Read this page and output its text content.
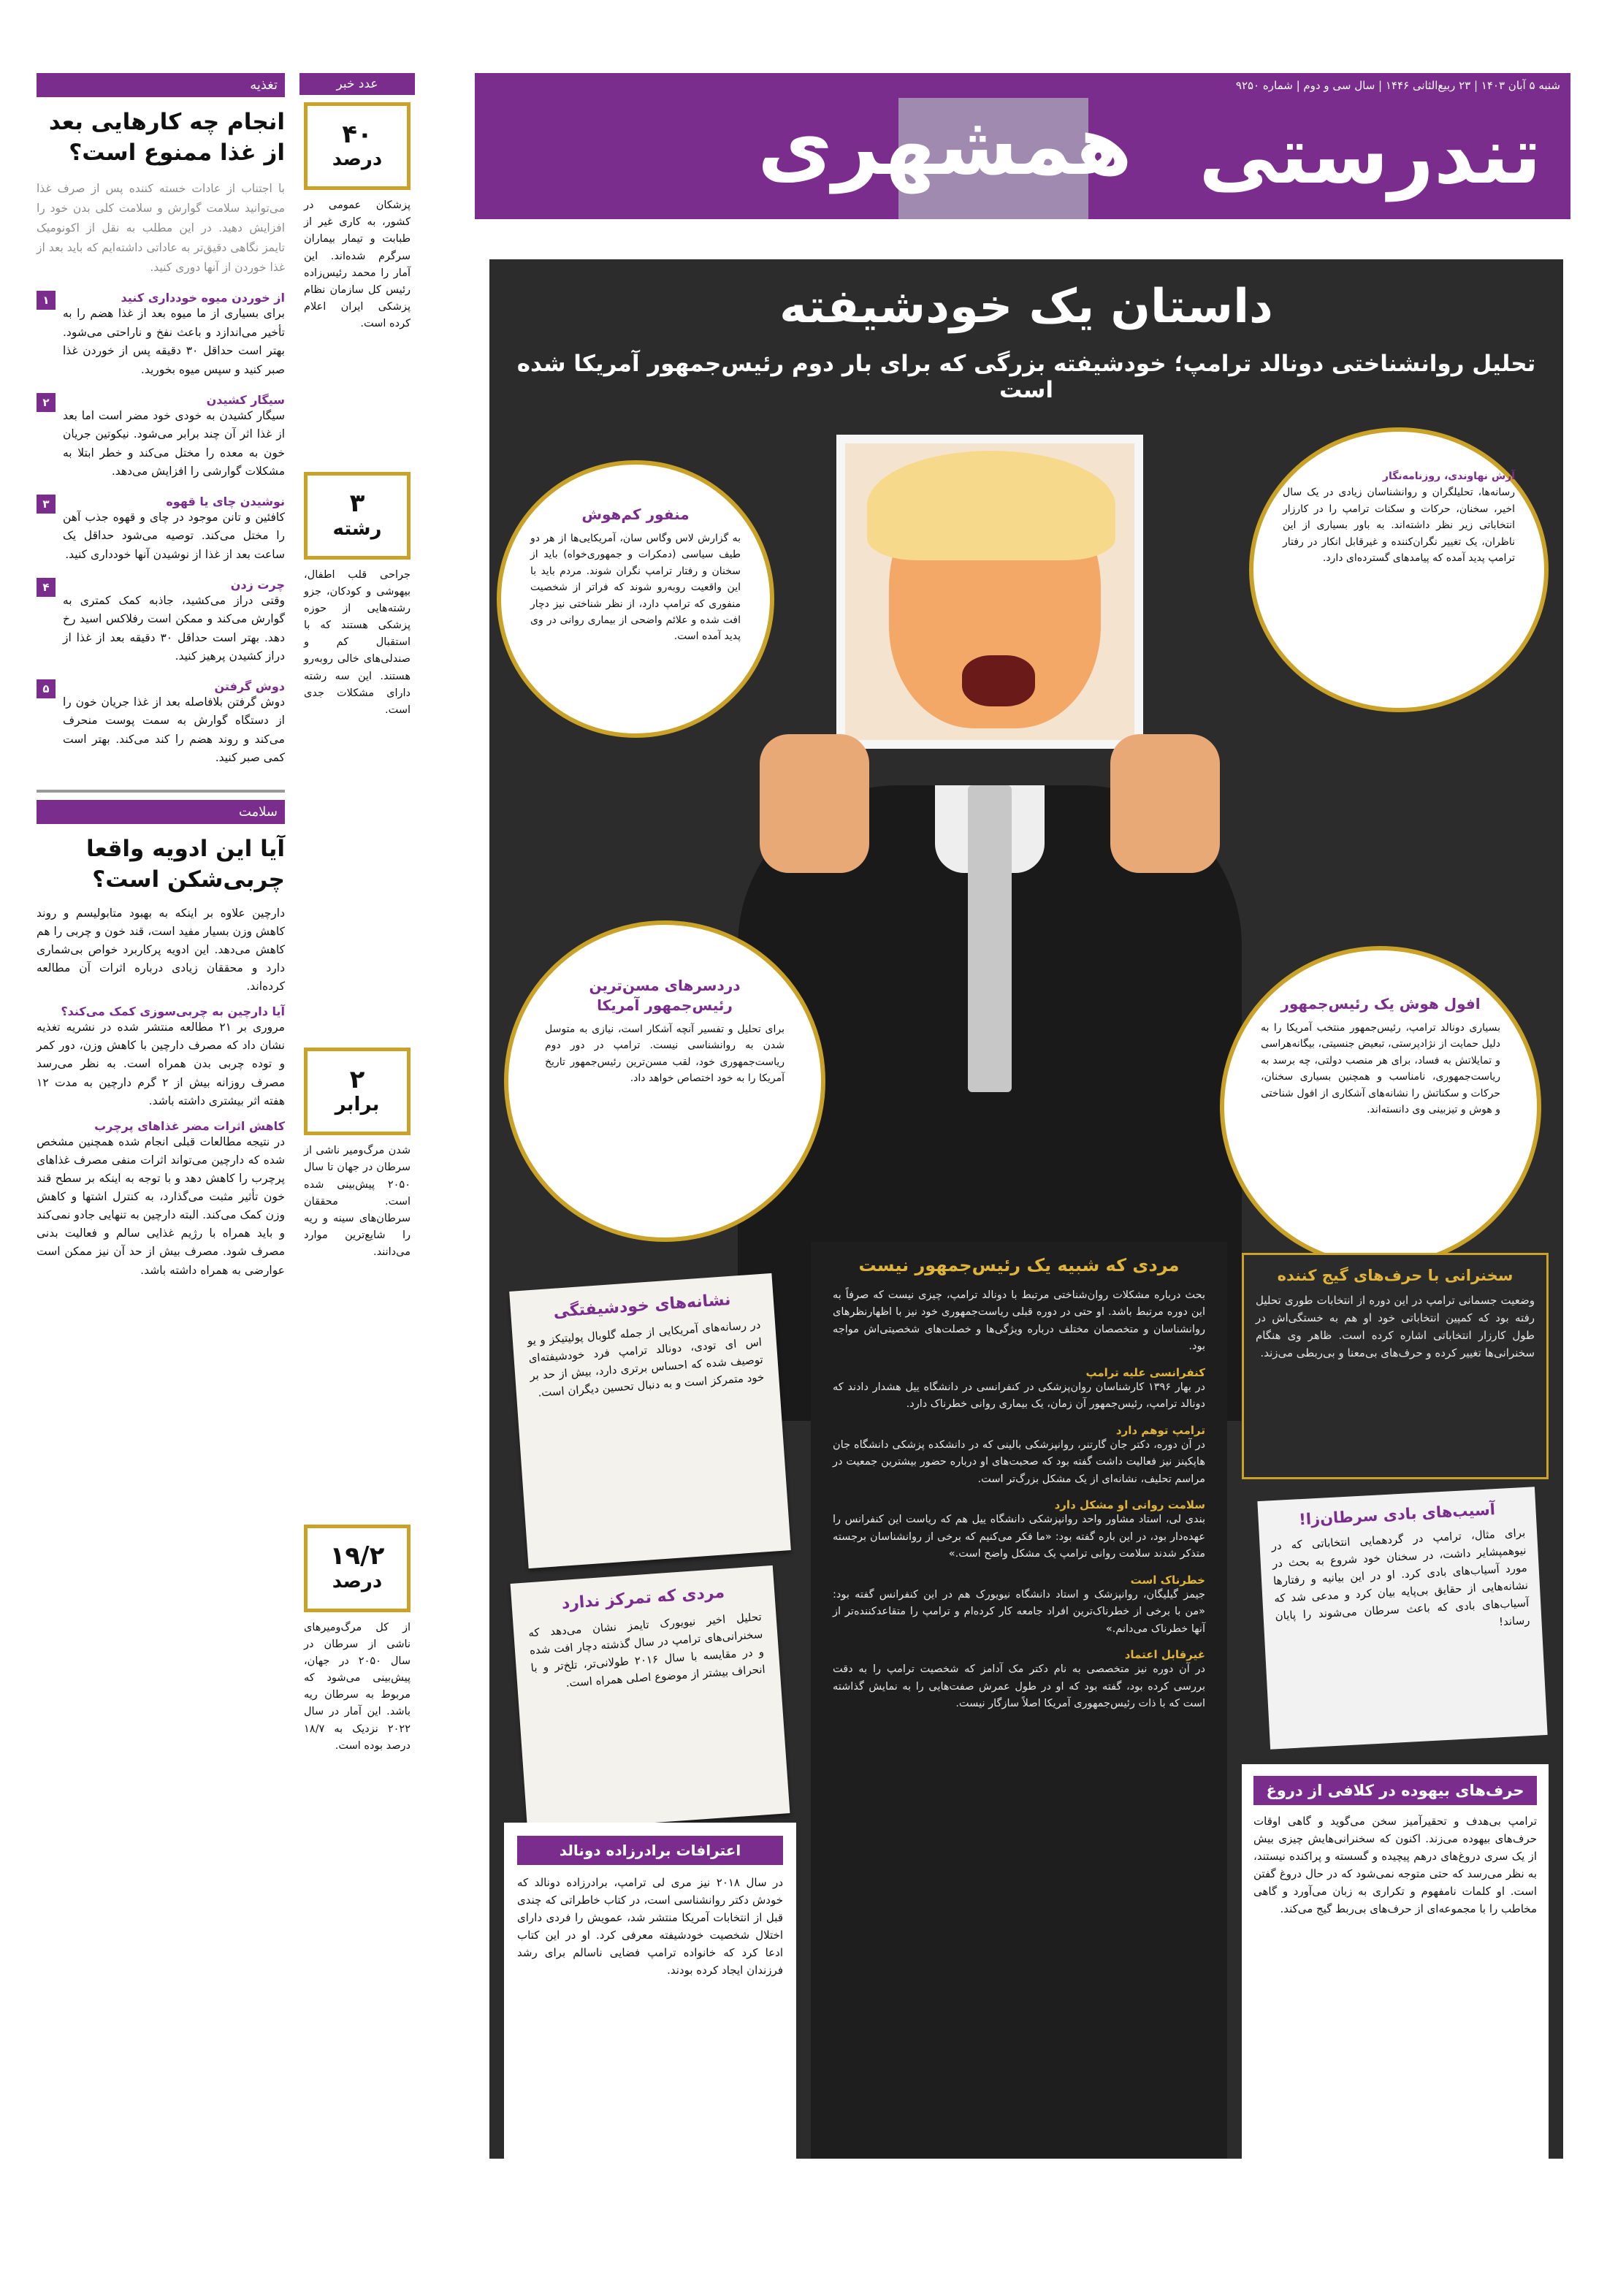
تغذیه
انجام چه کارهایی بعد از غذا ممنوع است؟

با اجتناب از عادات خسته کننده پس از صرف غذا می‌توانید سلامت گوارش و سلامت کلی بدن خود را افزایش دهید. در این مطلب به نقل از اکونومیک تایمز نگاهی دقیق‌تر به عاداتی داشته‌ایم که باید بعد از غذا خوردن از آنها دوری کنید.

۱	از خوردن میوه خودداری کنید

برای بسیاری از ما میوه بعد از غذا هضم را به تأخیر می‌اندازد و باعث نفخ و ناراحتی می‌شود. بهتر است حداقل ۳۰ دقیقه پس از خوردن غذا صبر کنید و سپس میوه بخورید.

۲	سیگار کشیدن

سیگار کشیدن به خودی خود مضر است اما بعد از غذا اثر آن چند برابر می‌شود. نیکوتین جریان خون به معده را مختل می‌کند و خطر ابتلا به مشکلات گوارشی را افزایش می‌دهد.

۳	نوشیدن چای یا قهوه

کافئین و تانن موجود در چای و قهوه جذب آهن را مختل می‌کند. توصیه می‌شود حداقل یک ساعت بعد از غذا از نوشیدن آنها خودداری کنید.

۴	چرت زدن

وقتی دراز می‌کشید، جاذبه کمک کمتری به گوارش می‌کند و ممکن است رفلاکس اسید رخ دهد. بهتر است حداقل ۳۰ دقیقه بعد از غذا از دراز کشیدن پرهیز کنید.

۵	دوش گرفتن

دوش گرفتن بلافاصله بعد از غذا جریان خون را از دستگاه گوارش به سمت پوست منحرف می‌کند و روند هضم را کند می‌کند. بهتر است کمی صبر کنید.

سلامت
آیا این ادویه واقعا چربی‌شکن است؟

دارچین علاوه بر اینکه به بهبود متابولیسم و روند کاهش وزن بسیار مفید است، قند خون و چربی را هم کاهش می‌دهد. این ادویه پرکاربرد خواص بی‌شماری دارد و محققان زیادی درباره اثرات آن مطالعه کرده‌اند.

آیا دارچین به چربی‌سوزی کمک می‌کند؟

مروری بر ۲۱ مطالعه منتشر شده در نشریه تغذیه نشان داد که مصرف دارچین با کاهش وزن، دور کمر و توده چربی بدن همراه است. به نظر می‌رسد مصرف روزانه بیش از ۲ گرم دارچین به مدت ۱۲ هفته اثر بیشتری داشته باشد.

کاهش اثرات مضر غذاهای پرچرب

در نتیجه مطالعات قبلی انجام شده همچنین مشخص شده که دارچین می‌تواند اثرات منفی مصرف غذاهای پرچرب را کاهش دهد و با توجه به اینکه بر سطح قند خون تأثیر مثبت می‌گذارد، به کنترل اشتها و کاهش وزن کمک می‌کند. البته دارچین به تنهایی جادو نمی‌کند و باید همراه با رژیم غذایی سالم و فعالیت بدنی مصرف شود. مصرف بیش از حد آن نیز ممکن است عوارضی به همراه داشته باشد.

عدد خبر
۴۰
درصد

پزشکان عمومی در کشور، به کاری غیر از طبابت و تیمار بیماران سرگرم شده‌اند. این آمار را محمد رئیس‌زاده رئیس کل سازمان نظام پزشکی ایران اعلام کرده است.

۳
رشته

جراحی قلب اطفال، بیهوشی و کودکان، جزو رشته‌هایی از حوزه پزشکی هستند که با استقبال کم و صندلی‌های خالی روبه‌رو هستند. این سه رشته دارای مشکلات جدی است.

۲
برابر

شدن مرگ‌ومیر ناشی از سرطان در جهان تا سال ۲۰۵۰ پیش‌بینی شده است. محققان سرطان‌های سینه و ریه را شایع‌ترین موارد می‌دانند.

۱۹/۲
درصد

از کل مرگ‌ومیرهای ناشی از سرطان در سال ۲۰۵۰ در جهان، پیش‌بینی می‌شود که مربوط به سرطان ریه باشد. این آمار در سال ۲۰۲۲ نزدیک به ۱۸/۷ درصد بوده است.

شنبه ۵ آبان ۱۴۰۳ | ۲۳ ربیع‌الثانی ۱۴۴۶ | سال سی و دوم | شماره ۹۲۵۰
همشهری تندرستی
داستان یک خودشیفته
تحلیل روانشناختی دونالد ترامپ؛ خودشیفته بزرگی که برای بار دوم رئیس‌جمهور آمریکا شده است
منفور کم‌هوش

به گزارش لاس وگاس سان، آمریکایی‌ها از هر دو طیف سیاسی (دمکرات و جمهوری‌خواه) باید از سخنان و رفتار ترامپ نگران شوند. مردم باید با این واقعیت روبه‌رو شوند که فراتر از شخصیت منفوری که ترامپ دارد، از نظر شناختی نیز دچار افت شده و علائم واضحی از بیماری روانی در وی پدید آمده است.

آرش نهاوندی، روزنامه‌نگار

رسانه‌ها، تحلیلگران و روانشناسان زیادی در یک سال اخیر، سخنان، حرکات و سکنات ترامپ را در کارزار انتخاباتی زیر نظر داشته‌اند. به باور بسیاری از این ناظران، یک تغییر نگران‌کننده و غیرقابل انکار در رفتار ترامپ پدید آمده که پیامدهای گسترده‌ای دارد.

دردسرهای مسن‌ترین رئیس‌جمهور آمریکا

برای تحلیل و تفسیر آنچه آشکار است، نیازی به متوسل شدن به روانشناسی نیست. ترامپ در دور دوم ریاست‌جمهوری خود، لقب مسن‌ترین رئیس‌جمهور تاریخ آمریکا را به خود اختصاص خواهد داد.

افول هوش یک رئیس‌جمهور

بسیاری دونالد ترامپ، رئیس‌جمهور منتخب آمریکا را به دلیل حمایت از نژادپرستی، تبعیض جنسیتی، بیگانه‌هراسی و تمایلاتش به فساد، برای هر منصب دولتی، چه برسد به ریاست‌جمهوری، نامناسب و همچنین بسیاری سخنان، حرکات و سکناتش را نشانه‌های آشکاری از افول شناختی و هوش و تیزبینی وی دانسته‌اند.

نشانه‌های خودشیفتگی

در رسانه‌های آمریکایی از جمله گلوبال پولیتیکز و یو اس ای تودی، دونالد ترامپ فرد خودشیفته‌ای توصیف شده که احساس برتری دارد، بیش از حد بر خود متمرکز است و به دنبال تحسین دیگران است.

مردی که تمرکز ندارد

تحلیل اخیر نیویورک تایمز نشان می‌دهد که سخنرانی‌های ترامپ در سال گذشته دچار افت شده و در مقایسه با سال ۲۰۱۶ طولانی‌تر، تلخ‌تر و با انحراف بیشتر از موضوع اصلی همراه است.

مردی که شبیه یک رئیس‌جمهور نیست

بحث درباره مشکلات روان‌شناختی مرتبط با دونالد ترامپ، چیزی نیست که صرفاً به این دوره مرتبط باشد. او حتی در دوره قبلی ریاست‌جمهوری خود نیز با اظهارنظرهای روانشناسان و متخصصان مختلف درباره ویژگی‌ها و خصلت‌های شخصیتی‌اش مواجه بود.

کنفرانسی علیه ترامپ

در بهار ۱۳۹۶ کارشناسان روان‌پزشکی در کنفرانسی در دانشگاه ییل هشدار دادند که دونالد ترامپ، رئیس‌جمهور آن زمان، یک بیماری روانی خطرناک دارد.

ترامپ توهم دارد

در آن دوره، دکتر جان گارتنر، روانپزشکی بالینی که در دانشکده پزشکی دانشگاه جان هاپکینز نیز فعالیت داشت گفته بود که صحبت‌های او درباره حضور بیشترین جمعیت در مراسم تحلیف، نشانه‌ای از یک مشکل بزرگ‌تر است.

سلامت روانی او مشکل دارد

بندی لی، استاد مشاور واحد روانپزشکی دانشگاه ییل هم که ریاست این کنفرانس را عهده‌دار بود، در این باره گفته بود: «ما فکر می‌کنیم که برخی از روانشناسان برجسته متذکر شدند سلامت روانی ترامپ یک مشکل واضح است.»

خطرناک است

جیمز گیلیگان، روانپزشک و استاد دانشگاه نیویورک هم در این کنفرانس گفته بود: «من با برخی از خطرناک‌ترین افراد جامعه کار کرده‌ام و ترامپ را متقاعد‌کننده‌تر از آنها خطرناک می‌دانم.»

غیرقابل اعتماد

در آن دوره نیز متخصصی به نام دکتر مک آدامز که شخصیت ترامپ را به دقت بررسی کرده بود، گفته بود که او در طول عمرش صفت‌هایی را به نمایش گذاشته است که با ذات رئیس‌جمهوری آمریکا اصلاً سازگار نیست.

سخنرانی با حرف‌های گیج کننده

وضعیت جسمانی ترامپ در این دوره از انتخابات طوری تحلیل رفته بود که کمپین انتخاباتی خود او هم به خستگی‌اش در طول کارزار انتخاباتی اشاره کرده است. ظاهر وی هنگام سخنرانی‌ها تغییر کرده و حرف‌های بی‌معنا و بی‌ربطی می‌زند.

آسیب‌های بادی سرطان‌زا!

برای مثال، ترامپ در گردهمایی انتخاباتی که در نیوهمپشایر داشت، در سخنان خود شروع به بحث در مورد آسیاب‌های بادی کرد. او در این بیانیه و رفتارها نشانه‌هایی از حقایق بی‌پایه بیان کرد و مدعی شد که آسیاب‌های بادی که باعث سرطان می‌شوند را پایان رساند!

حرف‌های بیهوده در کلافی از دروغ

ترامپ بی‌هدف و تحقیرآمیز سخن می‌گوید و گاهی اوقات حرف‌های بیهوده می‌زند. اکنون که سخنرانی‌هایش چیزی بیش از یک سری دروغ‌های درهم پیچیده و گسسته و پراکنده نیستند، به نظر می‌رسد که حتی متوجه نمی‌شود که در حال دروغ گفتن است. او کلمات نامفهوم و تکراری به زبان می‌آورد و گاهی مخاطب را با مجموعه‌ای از حرف‌های بی‌ربط گیج می‌کند.

اعترافات برادرزاده دونالد

در سال ۲۰۱۸ نیز مری لی ترامپ، برادرزاده دونالد که خودش دکتر روانشناسی است، در کتاب خاطراتی که چندی قبل از انتخابات آمریکا منتشر شد، عمویش را فردی دارای اختلال شخصیت خودشیفته معرفی کرد. او در این کتاب ادعا کرد که خانواده ترامپ فضایی ناسالم برای رشد فرزندان ایجاد کرده بودند.
